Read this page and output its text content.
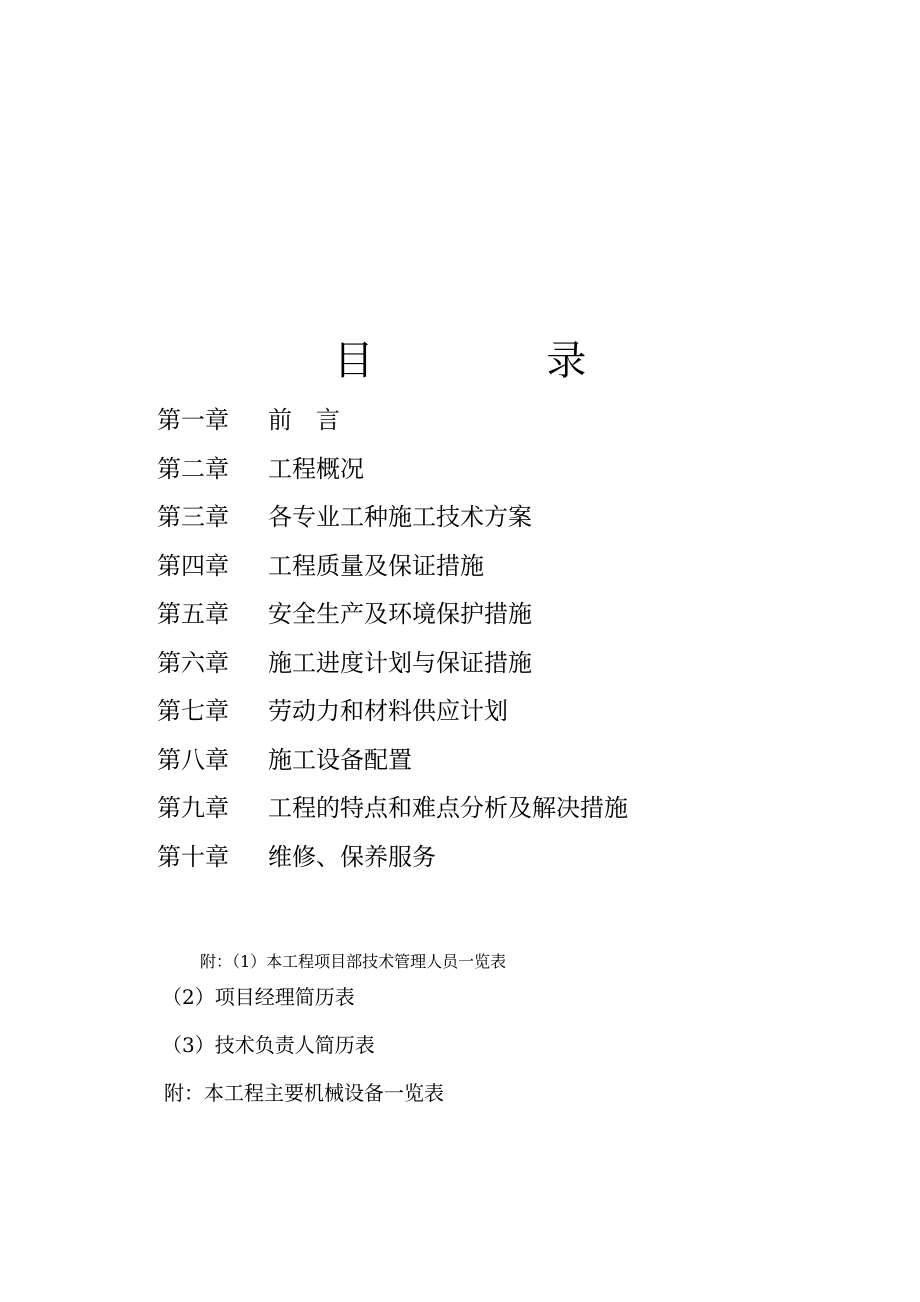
目 录
第一章	前言
第二章	工程概况
第三章	各专业工种施工技术方案
第四章	工程质量及保证措施
第五章	安全生产及环境保护措施
第六章	施工进度计划与保证措施
第七章	劳动力和材料供应计划
第八章	施工设备配置
第九章	工程的特点和难点分析及解决措施
第十章	维修、保养服务
附：（1）本工程项目部技术管理人员一览表
（2）项目经理简历表
（3）技术负责人简历表
附：本工程主要机械设备一览表
